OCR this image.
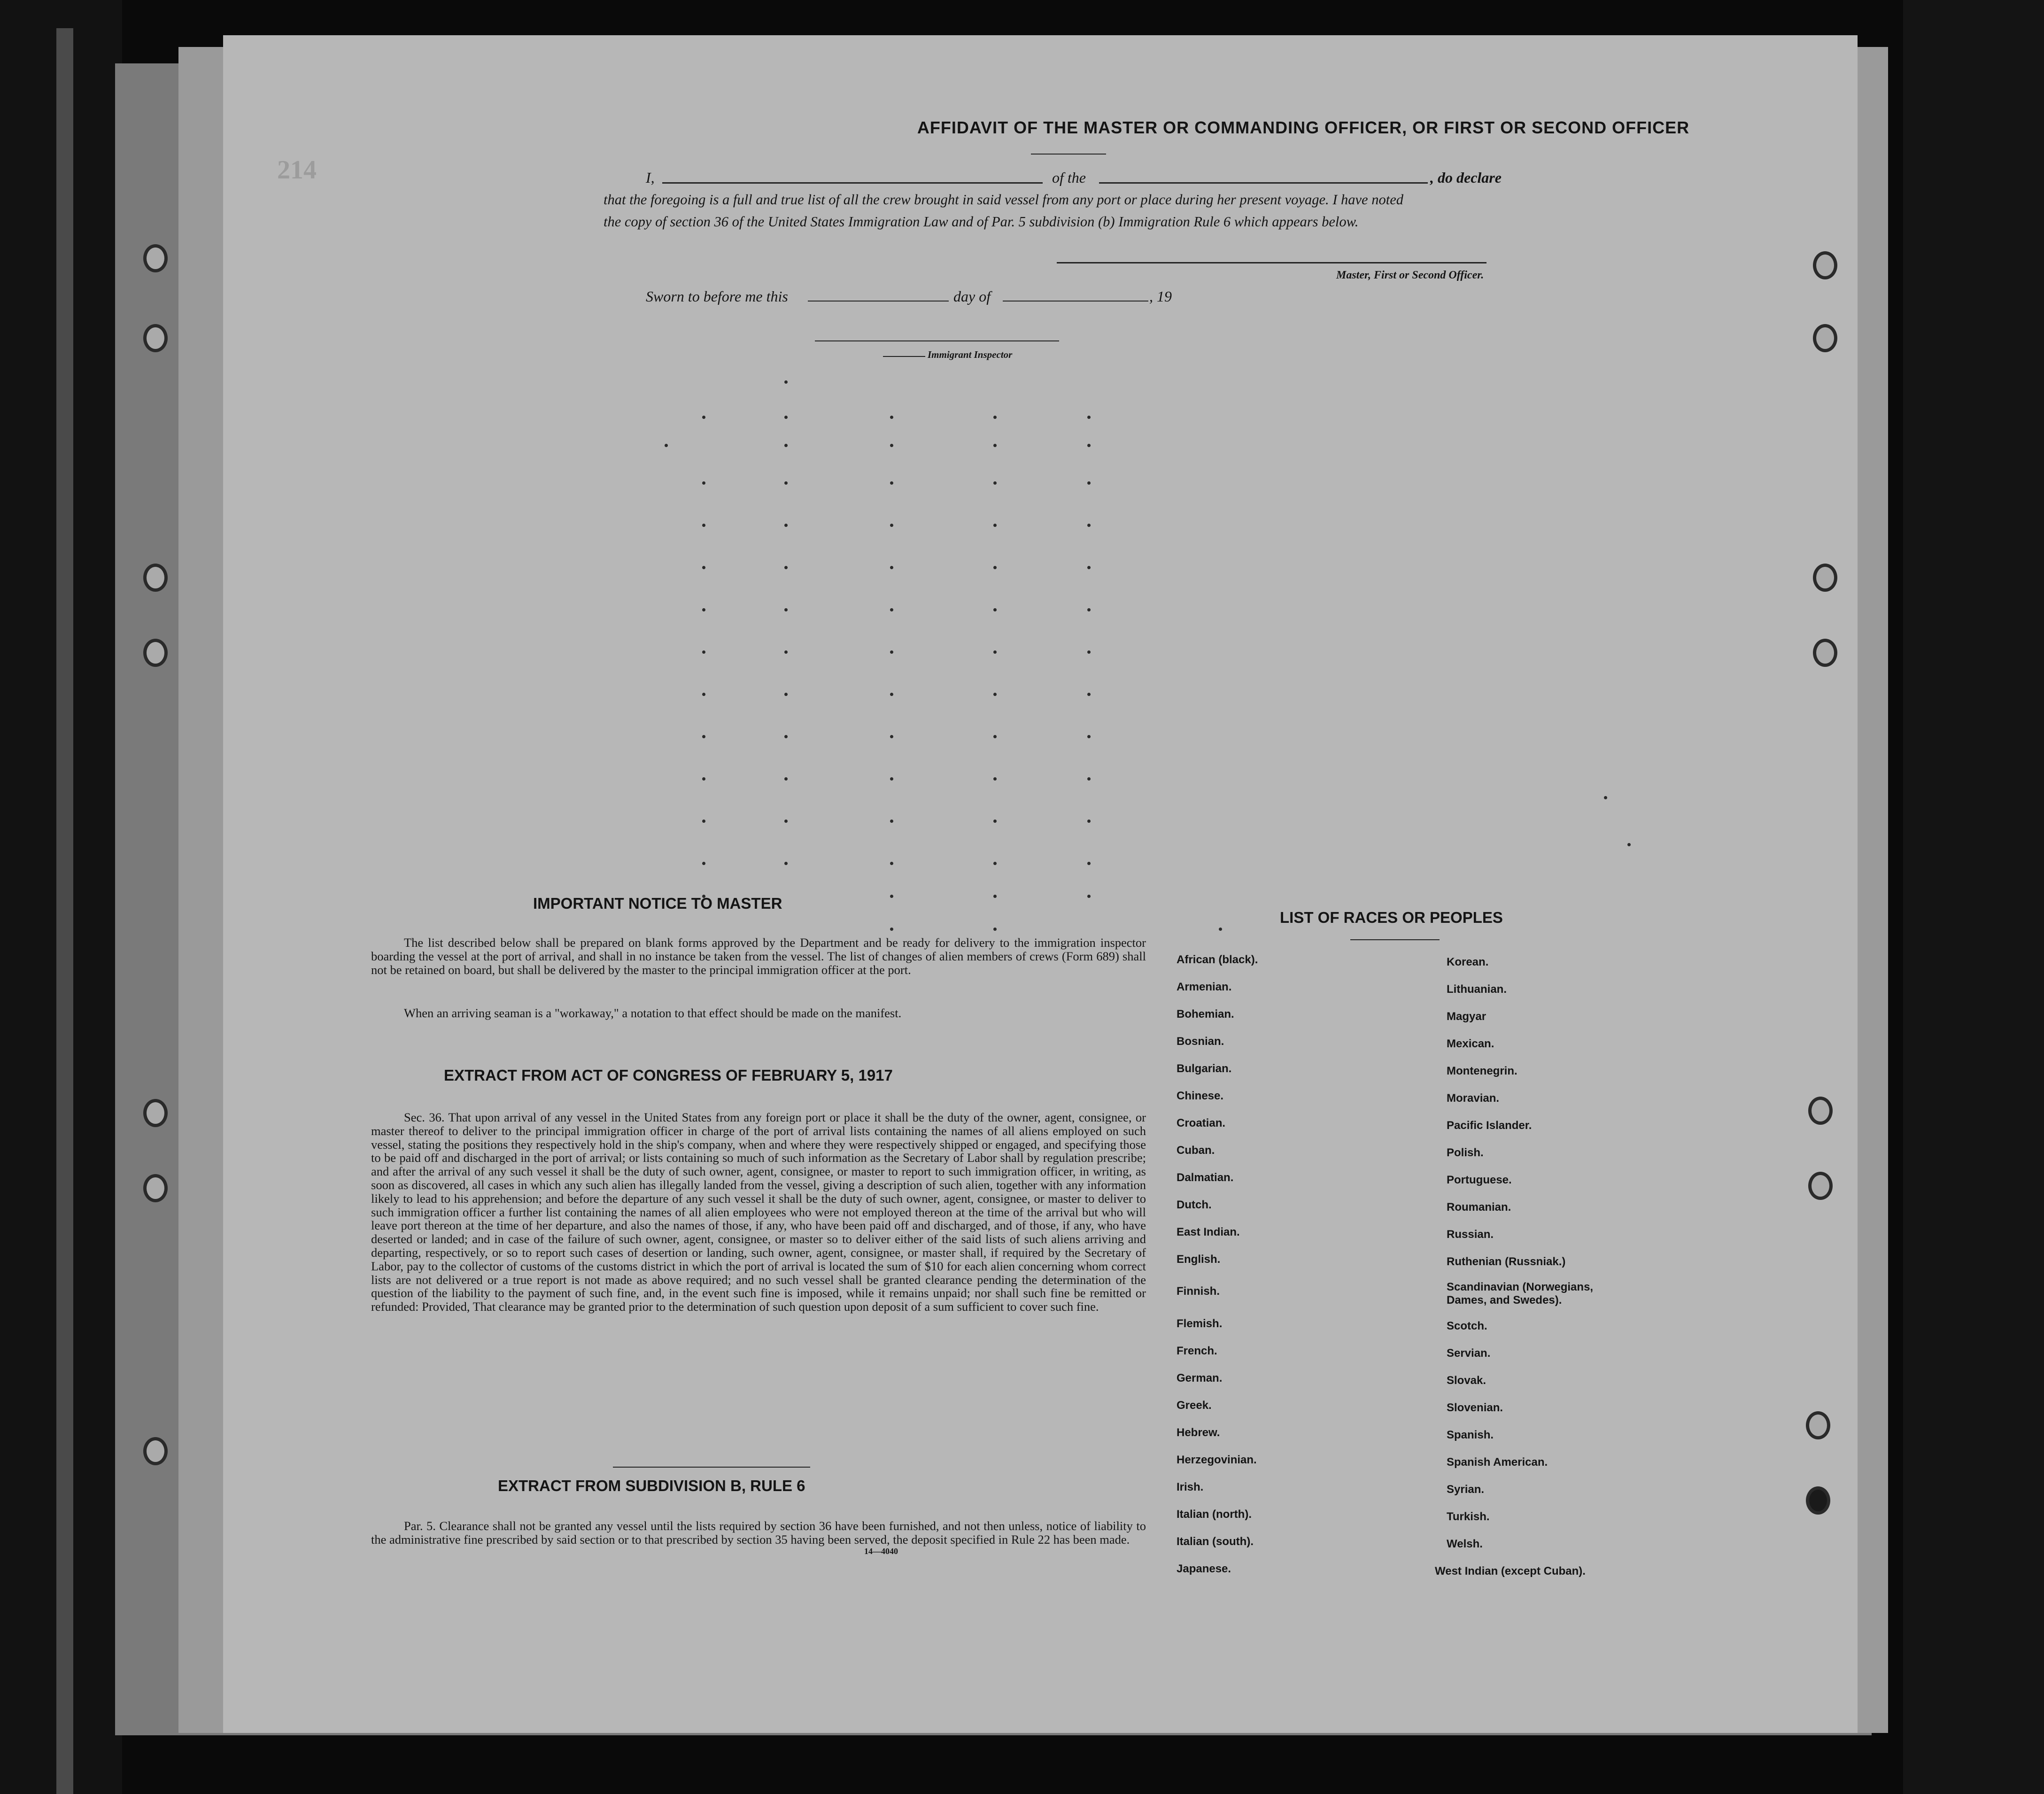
214
AFFIDAVIT OF THE MASTER OR COMMANDING OFFICER, OR FIRST OR SECOND OFFICER
I,	of the	, do declare
that the foregoing is a full and true list of all the crew brought in said vessel from any port or place during her present voyage. I have noted
the copy of section 36 of the United States Immigration Law and of Par. 5 subdivision (b) Immigration Rule 6 which appears below.
Master, First or Second Officer.
Sworn to before me this	day of	, 19
Immigrant Inspector
IMPORTANT NOTICE TO MASTER

The list described below shall be prepared on blank forms approved by the Department and be ready for delivery to the immigration inspector boarding the vessel at the port of arrival, and shall in no instance be taken from the vessel. The list of changes of alien members of crews (Form 689) shall not be retained on board, but shall be delivered by the master to the principal immigration officer at the port.

When an arriving seaman is a "workaway," a notation to that effect should be made on the manifest.

EXTRACT FROM ACT OF CONGRESS OF FEBRUARY 5, 1917

Sec. 36. That upon arrival of any vessel in the United States from any foreign port or place it shall be the duty of the owner, agent, consignee, or master thereof to deliver to the principal immigration officer in charge of the port of arrival lists containing the names of all aliens employed on such vessel, stating the positions they respectively hold in the ship's company, when and where they were respectively shipped or engaged, and specifying those to be paid off and discharged in the port of arrival; or lists containing so much of such information as the Secretary of Labor shall by regulation prescribe; and after the arrival of any such vessel it shall be the duty of such owner, agent, consignee, or master to report to such immigration officer, in writing, as soon as discovered, all cases in which any such alien has illegally landed from the vessel, giving a description of such alien, together with any information likely to lead to his apprehension; and before the departure of any such vessel it shall be the duty of such owner, agent, consignee, or master to deliver to such immigration officer a further list containing the names of all alien employees who were not employed thereon at the time of the arrival but who will leave port thereon at the time of her departure, and also the names of those, if any, who have been paid off and discharged, and of those, if any, who have deserted or landed; and in case of the failure of such owner, agent, consignee, or master so to deliver either of the said lists of such aliens arriving and departing, respectively, or so to report such cases of desertion or landing, such owner, agent, consignee, or master shall, if required by the Secretary of Labor, pay to the collector of customs of the customs district in which the port of arrival is located the sum of $10 for each alien concerning whom correct lists are not delivered or a true report is not made as above required; and no such vessel shall be granted clearance pending the determination of the question of the liability to the payment of such fine, and, in the event such fine is imposed, while it remains unpaid; nor shall such fine be remitted or refunded: Provided, That clearance may be granted prior to the determination of such question upon deposit of a sum sufficient to cover such fine.

EXTRACT FROM SUBDIVISION B, RULE 6

Par. 5. Clearance shall not be granted any vessel until the lists required by section 36 have been furnished, and not then unless, notice of liability to the administrative fine prescribed by said section or to that prescribed by section 35 having been served, the deposit specified in Rule 22 has been made.

14—4040
LIST OF RACES OR PEOPLES
African (black).
Armenian.
Bohemian.
Bosnian.
Bulgarian.
Chinese.
Croatian.
Cuban.
Dalmatian.
Dutch.
East Indian.
English.
Finnish.
Flemish.
French.
German.
Greek.
Hebrew.
Herzegovinian.
Irish.
Italian (north).
Italian (south).
Japanese.
Korean.
Lithuanian.
Magyar
Mexican.
Montenegrin.
Moravian.
Pacific Islander.
Polish.
Portuguese.
Roumanian.
Russian.
Ruthenian (Russniak.)
Scandinavian (Norwegians, Dames, and Swedes).
Scotch.
Servian.
Slovak.
Slovenian.
Spanish.
Spanish American.
Syrian.
Turkish.
Welsh.
West Indian (except Cuban).
